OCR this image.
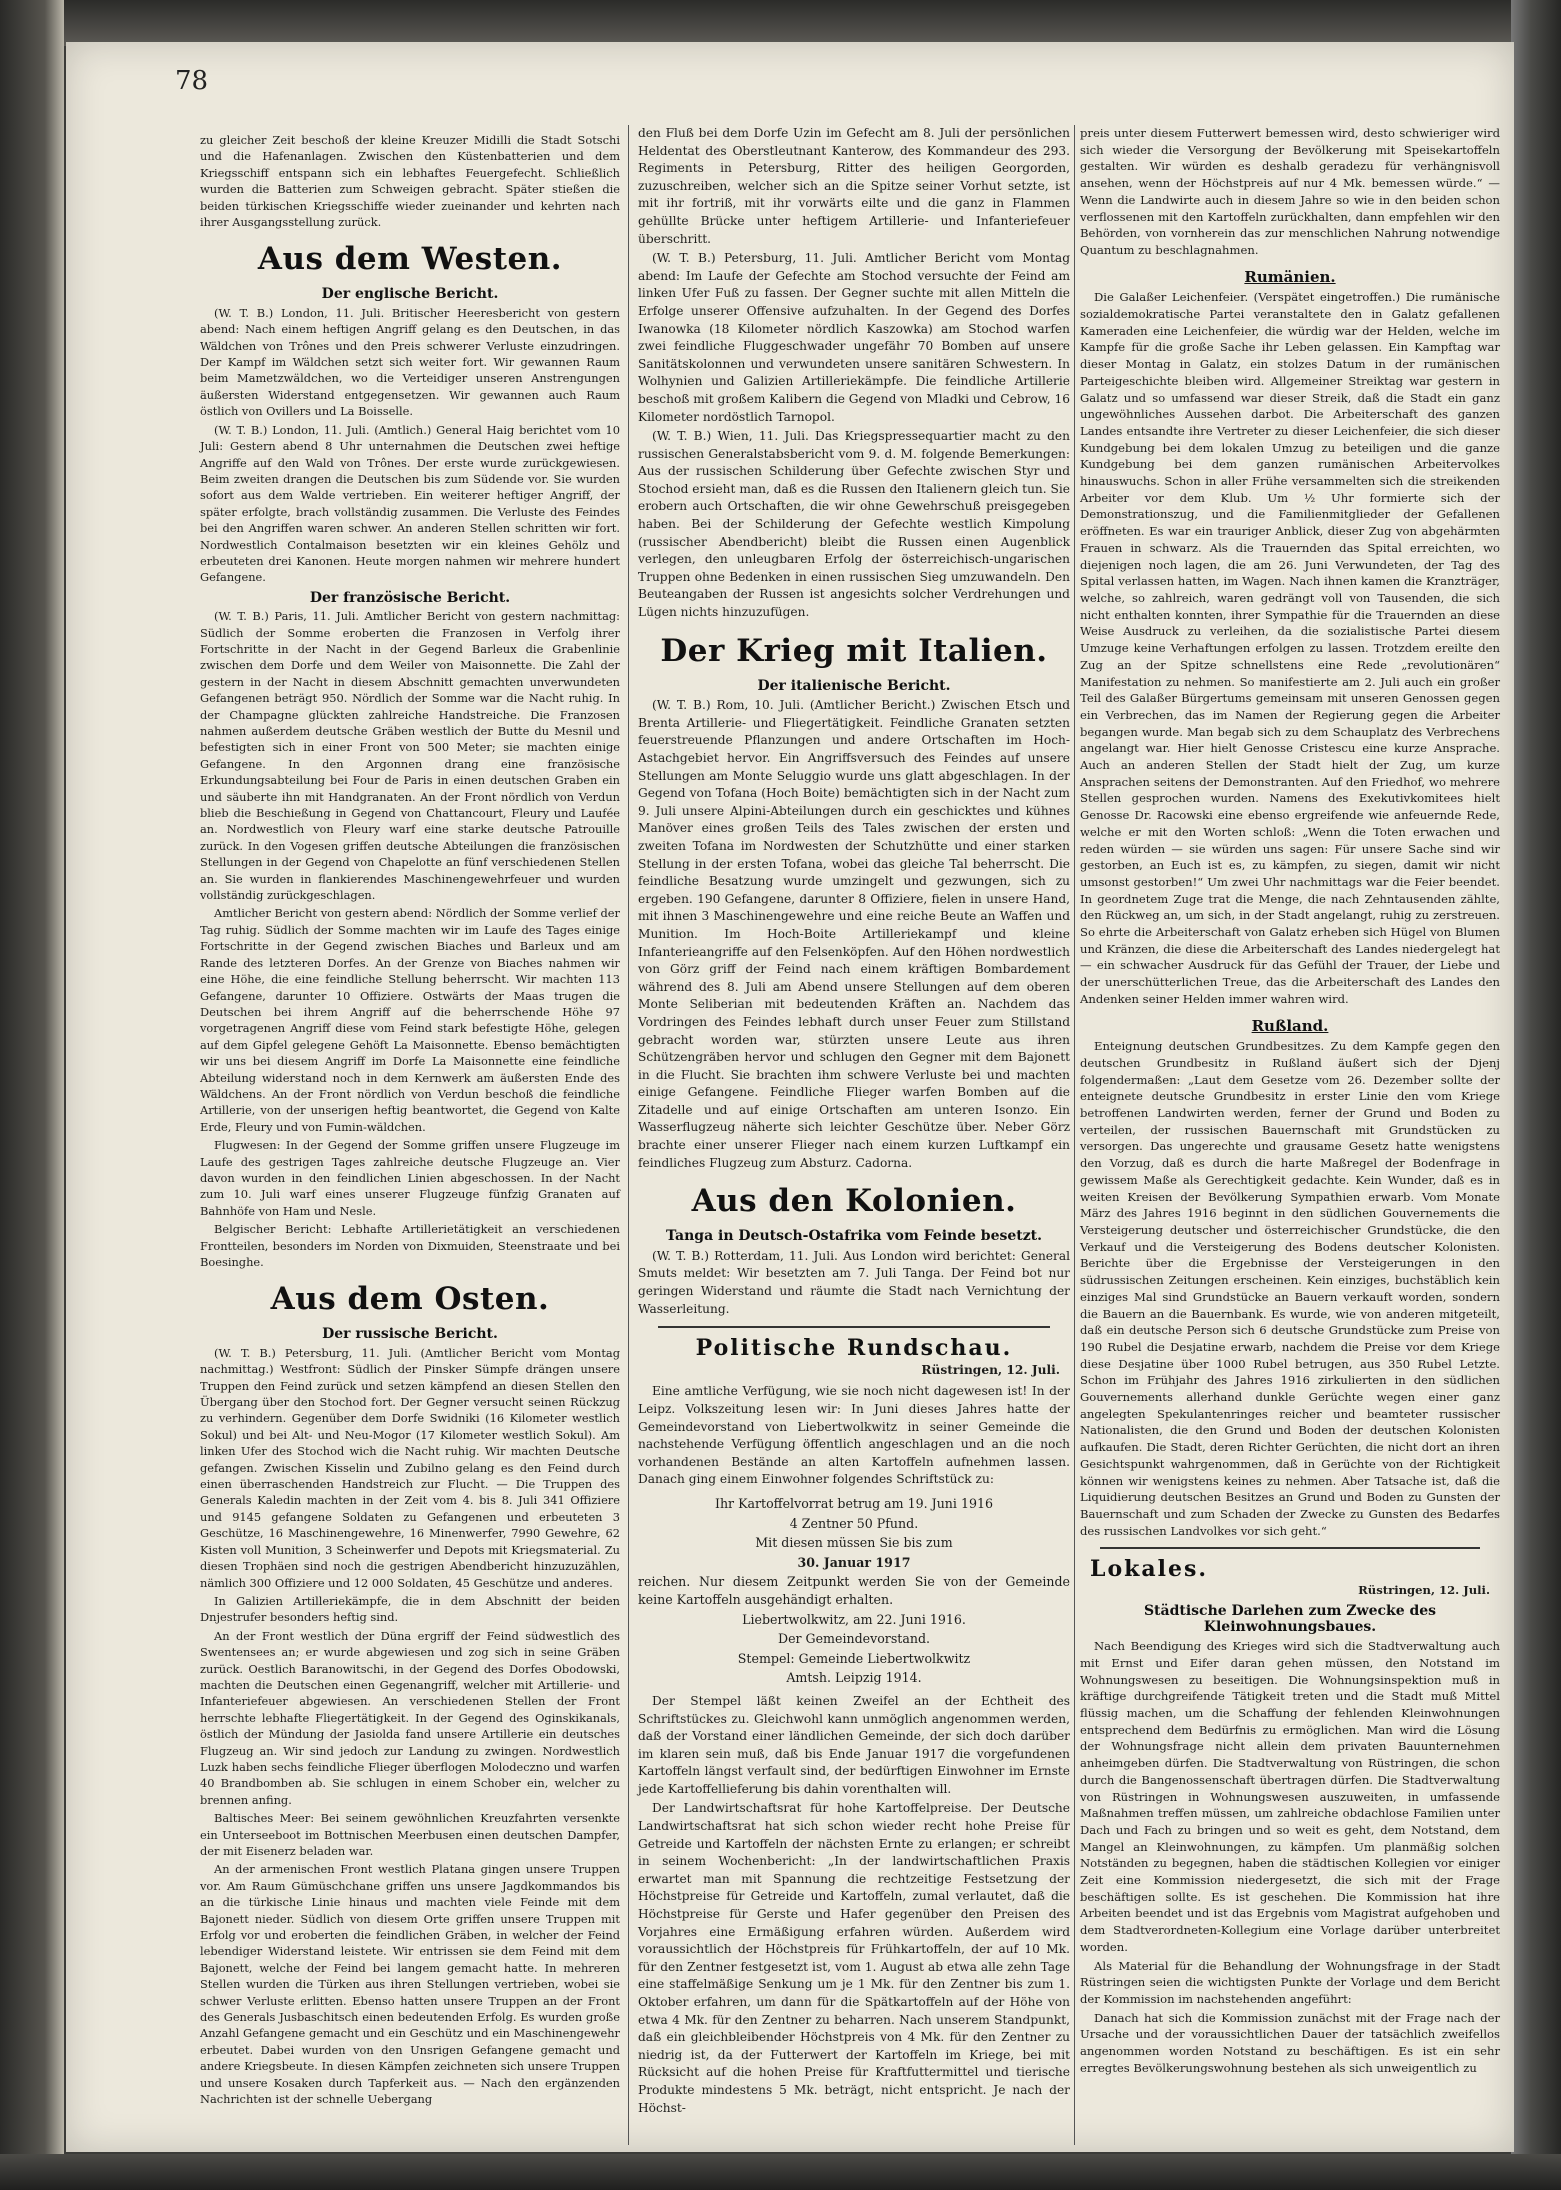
78

zu gleicher Zeit beschoß der kleine Kreuzer Midilli die Stadt Sotschi und die Hafenanlagen. Zwischen den Küstenbatterien und dem Kriegsschiff entspann sich ein lebhaftes Feuergefecht. Schließlich wurden die Batterien zum Schweigen gebracht. Später stießen die beiden türkischen Kriegsschiffe wieder zueinander und kehrten nach ihrer Ausgangsstellung zurück.

Aus dem Westen.
Der englische Bericht.

(W. T. B.) London, 11. Juli. Britischer Heeresbericht von gestern abend: Nach einem heftigen Angriff gelang es den Deutschen, in das Wäldchen von Trônes und den Preis schwerer Verluste einzudringen. Der Kampf im Wäldchen setzt sich weiter fort. Wir gewannen Raum beim Mametzwäldchen, wo die Verteidiger unseren Anstrengungen äußersten Widerstand entgegensetzen. Wir gewannen auch Raum östlich von Ovillers und La Boisselle.

(W. T. B.) London, 11. Juli. (Amtlich.) General Haig berichtet vom 10 Juli: Gestern abend 8 Uhr unternahmen die Deutschen zwei heftige Angriffe auf den Wald von Trônes. Der erste wurde zurückgewiesen. Beim zweiten drangen die Deutschen bis zum Südende vor. Sie wurden sofort aus dem Walde vertrieben. Ein weiterer heftiger Angriff, der später erfolgte, brach vollständig zusammen. Die Verluste des Feindes bei den Angriffen waren schwer. An anderen Stellen schritten wir fort. Nordwestlich Contalmaison besetzten wir ein kleines Gehölz und erbeuteten drei Kanonen. Heute morgen nahmen wir mehrere hundert Gefangene.

Der französische Bericht.

(W. T. B.) Paris, 11. Juli. Amtlicher Bericht von gestern nachmittag: Südlich der Somme eroberten die Franzosen in Verfolg ihrer Fortschritte in der Nacht in der Gegend Barleux die Grabenlinie zwischen dem Dorfe und dem Weiler von Maisonnette. Die Zahl der gestern in der Nacht in diesem Abschnitt gemachten unverwundeten Gefangenen beträgt 950. Nördlich der Somme war die Nacht ruhig. In der Champagne glückten zahlreiche Handstreiche. Die Franzosen nahmen außerdem deutsche Gräben westlich der Butte du Mesnil und befestigten sich in einer Front von 500 Meter; sie machten einige Gefangene. In den Argonnen drang eine französische Erkundungsabteilung bei Four de Paris in einen deutschen Graben ein und säuberte ihn mit Handgranaten. An der Front nördlich von Verdun blieb die Beschießung in Gegend von Chattancourt, Fleury und Laufée an. Nordwestlich von Fleury warf eine starke deutsche Patrouille zurück. In den Vogesen griffen deutsche Abteilungen die französischen Stellungen in der Gegend von Chapelotte an fünf verschiedenen Stellen an. Sie wurden in flankierendes Maschinengewehrfeuer und wurden vollständig zurückgeschlagen.

Amtlicher Bericht von gestern abend: Nördlich der Somme verlief der Tag ruhig. Südlich der Somme machten wir im Laufe des Tages einige Fortschritte in der Gegend zwischen Biaches und Barleux und am Rande des letzteren Dorfes. An der Grenze von Biaches nahmen wir eine Höhe, die eine feindliche Stellung beherrscht. Wir machten 113 Gefangene, darunter 10 Offiziere. Ostwärts der Maas trugen die Deutschen bei ihrem Angriff auf die beherrschende Höhe 97 vorgetragenen Angriff diese vom Feind stark befestigte Höhe, gelegen auf dem Gipfel gelegene Gehöft La Maisonnette. Ebenso bemächtigten wir uns bei diesem Angriff im Dorfe La Maisonnette eine feindliche Abteilung widerstand noch in dem Kernwerk am äußersten Ende des Wäldchens. An der Front nördlich von Verdun beschoß die feindliche Artillerie, von der unserigen heftig beantwortet, die Gegend von Kalte Erde, Fleury und von Fumin-wäldchen.

Flugwesen: In der Gegend der Somme griffen unsere Flugzeuge im Laufe des gestrigen Tages zahlreiche deutsche Flugzeuge an. Vier davon wurden in den feindlichen Linien abgeschossen. In der Nacht zum 10. Juli warf eines unserer Flugzeuge fünfzig Granaten auf Bahnhöfe von Ham und Nesle.

Belgischer Bericht: Lebhafte Artillerietätigkeit an verschiedenen Frontteilen, besonders im Norden von Dixmuiden, Steenstraate und bei Boesinghe.

Aus dem Osten.
Der russische Bericht.

(W. T. B.) Petersburg, 11. Juli. (Amtlicher Bericht vom Montag nachmittag.) Westfront: Südlich der Pinsker Sümpfe drängen unsere Truppen den Feind zurück und setzen kämpfend an diesen Stellen den Übergang über den Stochod fort. Der Gegner versucht seinen Rückzug zu verhindern. Gegenüber dem Dorfe Swidniki (16 Kilometer westlich Sokul) und bei Alt- und Neu-Mogor (17 Kilometer westlich Sokul). Am linken Ufer des Stochod wich die Nacht ruhig. Wir machten Deutsche gefangen. Zwischen Kisselin und Zubilno gelang es den Feind durch einen überraschenden Handstreich zur Flucht. — Die Truppen des Generals Kaledin machten in der Zeit vom 4. bis 8. Juli 341 Offiziere und 9145 gefangene Soldaten zu Gefangenen und erbeuteten 3 Geschütze, 16 Maschinengewehre, 16 Minenwerfer, 7990 Gewehre, 62 Kisten voll Munition, 3 Scheinwerfer und Depots mit Kriegsmaterial. Zu diesen Trophäen sind noch die gestrigen Abendbericht hinzuzuzählen, nämlich 300 Offiziere und 12 000 Soldaten, 45 Geschütze und anderes.

In Galizien Artilleriekämpfe, die in dem Abschnitt der beiden Dnjestrufer besonders heftig sind.

An der Front westlich der Düna ergriff der Feind südwestlich des Swentensees an; er wurde abgewiesen und zog sich in seine Gräben zurück. Oestlich Baranowitschi, in der Gegend des Dorfes Obodowski, machten die Deutschen einen Gegenangriff, welcher mit Artillerie- und Infanteriefeuer abgewiesen. An verschiedenen Stellen der Front herrschte lebhafte Fliegertätigkeit. In der Gegend des Oginskikanals, östlich der Mündung der Jasiolda fand unsere Artillerie ein deutsches Flugzeug an. Wir sind jedoch zur Landung zu zwingen. Nordwestlich Luzk haben sechs feindliche Flieger überflogen Molodeczno und warfen 40 Brandbomben ab. Sie schlugen in einem Schober ein, welcher zu brennen anfing.

Baltisches Meer: Bei seinem gewöhnlichen Kreuzfahrten versenkte ein Unterseeboot im Bottnischen Meerbusen einen deutschen Dampfer, der mit Eisenerz beladen war.

An der armenischen Front westlich Platana gingen unsere Truppen vor. Am Raum Gümüschchane griffen uns unsere Jagdkommandos bis an die türkische Linie hinaus und machten viele Feinde mit dem Bajonett nieder. Südlich von diesem Orte griffen unsere Truppen mit Erfolg vor und eroberten die feindlichen Gräben, in welcher der Feind lebendiger Widerstand leistete. Wir entrissen sie dem Feind mit dem Bajonett, welche der Feind bei langem gemacht hatte. In mehreren Stellen wurden die Türken aus ihren Stellungen vertrieben, wobei sie schwer Verluste erlitten. Ebenso hatten unsere Truppen an der Front des Generals Jusbaschitsch einen bedeutenden Erfolg. Es wurden große Anzahl Gefangene gemacht und ein Geschütz und ein Maschinengewehr erbeutet. Dabei wurden von den Unsrigen Gefangene gemacht und andere Kriegsbeute. In diesen Kämpfen zeichneten sich unsere Truppen und unsere Kosaken durch Tapferkeit aus. — Nach den ergänzenden Nachrichten ist der schnelle Uebergang

den Fluß bei dem Dorfe Uzin im Gefecht am 8. Juli der persönlichen Heldentat des Oberstleutnant Kanterow, des Kommandeur des 293. Regiments in Petersburg, Ritter des heiligen Georgorden, zuzuschreiben, welcher sich an die Spitze seiner Vorhut setzte, ist mit ihr fortriß, mit ihr vorwärts eilte und die ganz in Flammen gehüllte Brücke unter heftigem Artillerie- und Infanteriefeuer überschritt.

(W. T. B.) Petersburg, 11. Juli. Amtlicher Bericht vom Montag abend: Im Laufe der Gefechte am Stochod versuchte der Feind am linken Ufer Fuß zu fassen. Der Gegner suchte mit allen Mitteln die Erfolge unserer Offensive aufzuhalten. In der Gegend des Dorfes Iwanowka (18 Kilometer nördlich Kaszowka) am Stochod warfen zwei feindliche Fluggeschwader ungefähr 70 Bomben auf unsere Sanitätskolonnen und verwundeten unsere sanitären Schwestern. In Wolhynien und Galizien Artilleriekämpfe. Die feindliche Artillerie beschoß mit großem Kalibern die Gegend von Mladki und Cebrow, 16 Kilometer nordöstlich Tarnopol.

(W. T. B.) Wien, 11. Juli. Das Kriegspressequartier macht zu den russischen Generalstabsbericht vom 9. d. M. folgende Bemerkungen: Aus der russischen Schilderung über Gefechte zwischen Styr und Stochod ersieht man, daß es die Russen den Italienern gleich tun. Sie erobern auch Ortschaften, die wir ohne Gewehrschuß preisgegeben haben. Bei der Schilderung der Gefechte westlich Kimpolung (russischer Abendbericht) bleibt die Russen einen Augenblick verlegen, den unleugbaren Erfolg der österreichisch-ungarischen Truppen ohne Bedenken in einen russischen Sieg umzuwandeln. Den Beuteangaben der Russen ist angesichts solcher Verdrehungen und Lügen nichts hinzuzufügen.

Der Krieg mit Italien.
Der italienische Bericht.

(W. T. B.) Rom, 10. Juli. (Amtlicher Bericht.) Zwischen Etsch und Brenta Artillerie- und Fliegertätigkeit. Feindliche Granaten setzten feuerstreuende Pflanzungen und andere Ortschaften im Hoch-Astachgebiet hervor. Ein Angriffsversuch des Feindes auf unsere Stellungen am Monte Seluggio wurde uns glatt abgeschlagen. In der Gegend von Tofana (Hoch Boite) bemächtigten sich in der Nacht zum 9. Juli unsere Alpini-Abteilungen durch ein geschicktes und kühnes Manöver eines großen Teils des Tales zwischen der ersten und zweiten Tofana im Nordwesten der Schutzhütte und einer starken Stellung in der ersten Tofana, wobei das gleiche Tal beherrscht. Die feindliche Besatzung wurde umzingelt und gezwungen, sich zu ergeben. 190 Gefangene, darunter 8 Offiziere, fielen in unsere Hand, mit ihnen 3 Maschinengewehre und eine reiche Beute an Waffen und Munition. Im Hoch-Boite Artilleriekampf und kleine Infanterieangriffe auf den Felsenköpfen. Auf den Höhen nordwestlich von Görz griff der Feind nach einem kräftigen Bombardement während des 8. Juli am Abend unsere Stellungen auf dem oberen Monte Seliberian mit bedeutenden Kräften an. Nachdem das Vordringen des Feindes lebhaft durch unser Feuer zum Stillstand gebracht worden war, stürzten unsere Leute aus ihren Schützengräben hervor und schlugen den Gegner mit dem Bajonett in die Flucht. Sie brachten ihm schwere Verluste bei und machten einige Gefangene. Feindliche Flieger warfen Bomben auf die Zitadelle und auf einige Ortschaften am unteren Isonzo. Ein Wasserflugzeug näherte sich leichter Geschütze über. Neber Görz brachte einer unserer Flieger nach einem kurzen Luftkampf ein feindliches Flugzeug zum Absturz. Cadorna.

Aus den Kolonien.
Tanga in Deutsch-Ostafrika vom Feinde besetzt.

(W. T. B.) Rotterdam, 11. Juli. Aus London wird berichtet: General Smuts meldet: Wir besetzten am 7. Juli Tanga. Der Feind bot nur geringen Widerstand und räumte die Stadt nach Vernichtung der Wasserleitung.

Politische Rundschau.
Rüstringen, 12. Juli.

Eine amtliche Verfügung, wie sie noch nicht dagewesen ist! In der Leipz. Volkszeitung lesen wir: In Juni dieses Jahres hatte der Gemeindevorstand von Liebertwolkwitz in seiner Gemeinde die nachstehende Verfügung öffentlich angeschlagen und an die noch vorhandenen Bestände an alten Kartoffeln aufnehmen lassen. Danach ging einem Einwohner folgendes Schriftstück zu:

Ihr Kartoffelvorrat betrug am 19. Juni 1916

4 Zentner 50 Pfund.

Mit diesen müssen Sie bis zum

30. Januar 1917

reichen. Nur diesem Zeitpunkt werden Sie von der Gemeinde keine Kartoffeln ausgehändigt erhalten.

Liebertwolkwitz, am 22. Juni 1916.

Der Gemeindevorstand.

Stempel: Gemeinde Liebertwolkwitz

Amtsh. Leipzig 1914.

Der Stempel läßt keinen Zweifel an der Echtheit des Schriftstückes zu. Gleichwohl kann unmöglich angenommen werden, daß der Vorstand einer ländlichen Gemeinde, der sich doch darüber im klaren sein muß, daß bis Ende Januar 1917 die vorgefundenen Kartoffeln längst verfault sind, der bedürftigen Einwohner im Ernste jede Kartoffellieferung bis dahin vorenthalten will.

Der Landwirtschaftsrat für hohe Kartoffelpreise. Der Deutsche Landwirtschaftsrat hat sich schon wieder recht hohe Preise für Getreide und Kartoffeln der nächsten Ernte zu erlangen; er schreibt in seinem Wochenbericht: „In der landwirtschaftlichen Praxis erwartet man mit Spannung die rechtzeitige Festsetzung der Höchstpreise für Getreide und Kartoffeln, zumal verlautet, daß die Höchstpreise für Gerste und Hafer gegenüber den Preisen des Vorjahres eine Ermäßigung erfahren würden. Außerdem wird voraussichtlich der Höchstpreis für Frühkartoffeln, der auf 10 Mk. für den Zentner festgesetzt ist, vom 1. August ab etwa alle zehn Tage eine staffelmäßige Senkung um je 1 Mk. für den Zentner bis zum 1. Oktober erfahren, um dann für die Spätkartoffeln auf der Höhe von etwa 4 Mk. für den Zentner zu beharren. Nach unserem Standpunkt, daß ein gleichbleibender Höchstpreis von 4 Mk. für den Zentner zu niedrig ist, da der Futterwert der Kartoffeln im Kriege, bei mit Rücksicht auf die hohen Preise für Kraftfuttermittel und tierische Produkte mindestens 5 Mk. beträgt, nicht entspricht. Je nach der Höchst-

preis unter diesem Futterwert bemessen wird, desto schwieriger wird sich wieder die Versorgung der Bevölkerung mit Speisekartoffeln gestalten. Wir würden es deshalb geradezu für verhängnisvoll ansehen, wenn der Höchstpreis auf nur 4 Mk. bemessen würde.“ — Wenn die Landwirte auch in diesem Jahre so wie in den beiden schon verflossenen mit den Kartoffeln zurückhalten, dann empfehlen wir den Behörden, von vornherein das zur menschlichen Nahrung notwendige Quantum zu beschlagnahmen.

Rumänien.

Die Galaßer Leichenfeier. (Verspätet eingetroffen.) Die rumänische sozialdemokratische Partei veranstaltete den in Galatz gefallenen Kameraden eine Leichenfeier, die würdig war der Helden, welche im Kampfe für die große Sache ihr Leben gelassen. Ein Kampftag war dieser Montag in Galatz, ein stolzes Datum in der rumänischen Parteigeschichte bleiben wird. Allgemeiner Streiktag war gestern in Galatz und so umfassend war dieser Streik, daß die Stadt ein ganz ungewöhnliches Aussehen darbot. Die Arbeiterschaft des ganzen Landes entsandte ihre Vertreter zu dieser Leichenfeier, die sich dieser Kundgebung bei dem lokalen Umzug zu beteiligen und die ganze Kundgebung bei dem ganzen rumänischen Arbeitervolkes hinauswuchs. Schon in aller Frühe versammelten sich die streikenden Arbeiter vor dem Klub. Um ½ Uhr formierte sich der Demonstrationszug, und die Familienmitglieder der Gefallenen eröffneten. Es war ein trauriger Anblick, dieser Zug von abgehärmten Frauen in schwarz. Als die Trauernden das Spital erreichten, wo diejenigen noch lagen, die am 26. Juni Verwundeten, der Tag des Spital verlassen hatten, im Wagen. Nach ihnen kamen die Kranzträger, welche, so zahlreich, waren gedrängt voll von Tausenden, die sich nicht enthalten konnten, ihrer Sympathie für die Trauernden an diese Weise Ausdruck zu verleihen, da die sozialistische Partei diesem Umzuge keine Verhaftungen erfolgen zu lassen. Trotzdem ereilte den Zug an der Spitze schnellstens eine Rede „revolutionären“ Manifestation zu nehmen. So manifestierte am 2. Juli auch ein großer Teil des Galaßer Bürgertums gemeinsam mit unseren Genossen gegen ein Verbrechen, das im Namen der Regierung gegen die Arbeiter begangen wurde. Man begab sich zu dem Schauplatz des Verbrechens angelangt war. Hier hielt Genosse Cristescu eine kurze Ansprache. Auch an anderen Stellen der Stadt hielt der Zug, um kurze Ansprachen seitens der Demonstranten. Auf den Friedhof, wo mehrere Stellen gesprochen wurden. Namens des Exekutivkomitees hielt Genosse Dr. Racowski eine ebenso ergreifende wie anfeuernde Rede, welche er mit den Worten schloß: „Wenn die Toten erwachen und reden würden — sie würden uns sagen: Für unsere Sache sind wir gestorben, an Euch ist es, zu kämpfen, zu siegen, damit wir nicht umsonst gestorben!“ Um zwei Uhr nachmittags war die Feier beendet. In geordnetem Zuge trat die Menge, die nach Zehntausenden zählte, den Rückweg an, um sich, in der Stadt angelangt, ruhig zu zerstreuen. So ehrte die Arbeiterschaft von Galatz erheben sich Hügel von Blumen und Kränzen, die diese die Arbeiterschaft des Landes niedergelegt hat — ein schwacher Ausdruck für das Gefühl der Trauer, der Liebe und der unerschütterlichen Treue, das die Arbeiterschaft des Landes den Andenken seiner Helden immer wahren wird.

Rußland.

Enteignung deutschen Grundbesitzes. Zu dem Kampfe gegen den deutschen Grundbesitz in Rußland äußert sich der Djenj folgendermaßen: „Laut dem Gesetze vom 26. Dezember sollte der enteignete deutsche Grundbesitz in erster Linie den vom Kriege betroffenen Landwirten werden, ferner der Grund und Boden zu verteilen, der russischen Bauernschaft mit Grundstücken zu versorgen. Das ungerechte und grausame Gesetz hatte wenigstens den Vorzug, daß es durch die harte Maßregel der Bodenfrage in gewissem Maße als Gerechtigkeit gedachte. Kein Wunder, daß es in weiten Kreisen der Bevölkerung Sympathien erwarb. Vom Monate März des Jahres 1916 beginnt in den südlichen Gouvernements die Versteigerung deutscher und österreichischer Grundstücke, die den Verkauf und die Versteigerung des Bodens deutscher Kolonisten. Berichte über die Ergebnisse der Versteigerungen in den südrussischen Zeitungen erscheinen. Kein einziges, buchstäblich kein einziges Mal sind Grundstücke an Bauern verkauft worden, sondern die Bauern an die Bauernbank. Es wurde, wie von anderen mitgeteilt, daß ein deutsche Person sich 6 deutsche Grundstücke zum Preise von 190 Rubel die Desjatine erwarb, nachdem die Preise vor dem Kriege diese Desjatine über 1000 Rubel betrugen, aus 350 Rubel Letzte. Schon im Frühjahr des Jahres 1916 zirkulierten in den südlichen Gouvernements allerhand dunkle Gerüchte wegen einer ganz angelegten Spekulantenringes reicher und beamteter russischer Nationalisten, die den Grund und Boden der deutschen Kolonisten aufkaufen. Die Stadt, deren Richter Gerüchten, die nicht dort an ihren Gesichtspunkt wahrgenommen, daß in Gerüchte von der Richtigkeit können wir wenigstens keines zu nehmen. Aber Tatsache ist, daß die Liquidierung deutschen Besitzes an Grund und Boden zu Gunsten der Bauernschaft und zum Schaden der Zwecke zu Gunsten des Bedarfes des russischen Landvolkes vor sich geht.“

Lokales.
Rüstringen, 12. Juli.
Städtische Darlehen zum Zwecke des Kleinwohnungsbaues.

Nach Beendigung des Krieges wird sich die Stadtverwaltung auch mit Ernst und Eifer daran gehen müssen, den Notstand im Wohnungswesen zu beseitigen. Die Wohnungsinspektion muß in kräftige durchgreifende Tätigkeit treten und die Stadt muß Mittel flüssig machen, um die Schaffung der fehlenden Kleinwohnungen entsprechend dem Bedürfnis zu ermöglichen. Man wird die Lösung der Wohnungsfrage nicht allein dem privaten Bauunternehmen anheimgeben dürfen. Die Stadtverwaltung von Rüstringen, die schon durch die Bangenossenschaft übertragen dürfen. Die Stadtverwaltung von Rüstringen in Wohnungswesen auszuweiten, in umfassende Maßnahmen treffen müssen, um zahlreiche obdachlose Familien unter Dach und Fach zu bringen und so weit es geht, dem Notstand, dem Mangel an Kleinwohnungen, zu kämpfen. Um planmäßig solchen Notständen zu begegnen, haben die städtischen Kollegien vor einiger Zeit eine Kommission niedergesetzt, die sich mit der Frage beschäftigen sollte. Es ist geschehen. Die Kommission hat ihre Arbeiten beendet und ist das Ergebnis vom Magistrat aufgehoben und dem Stadtverordneten-Kollegium eine Vorlage darüber unterbreitet worden.

Als Material für die Behandlung der Wohnungsfrage in der Stadt Rüstringen seien die wichtigsten Punkte der Vorlage und dem Bericht der Kommission im nachstehenden angeführt:

Danach hat sich die Kommission zunächst mit der Frage nach der Ursache und der voraussichtlichen Dauer der tatsächlich zweifellos angenommen worden Notstand zu beschäftigen. Es ist ein sehr erregtes Bevölkerungswohnung bestehen als sich unweigentlich zu
